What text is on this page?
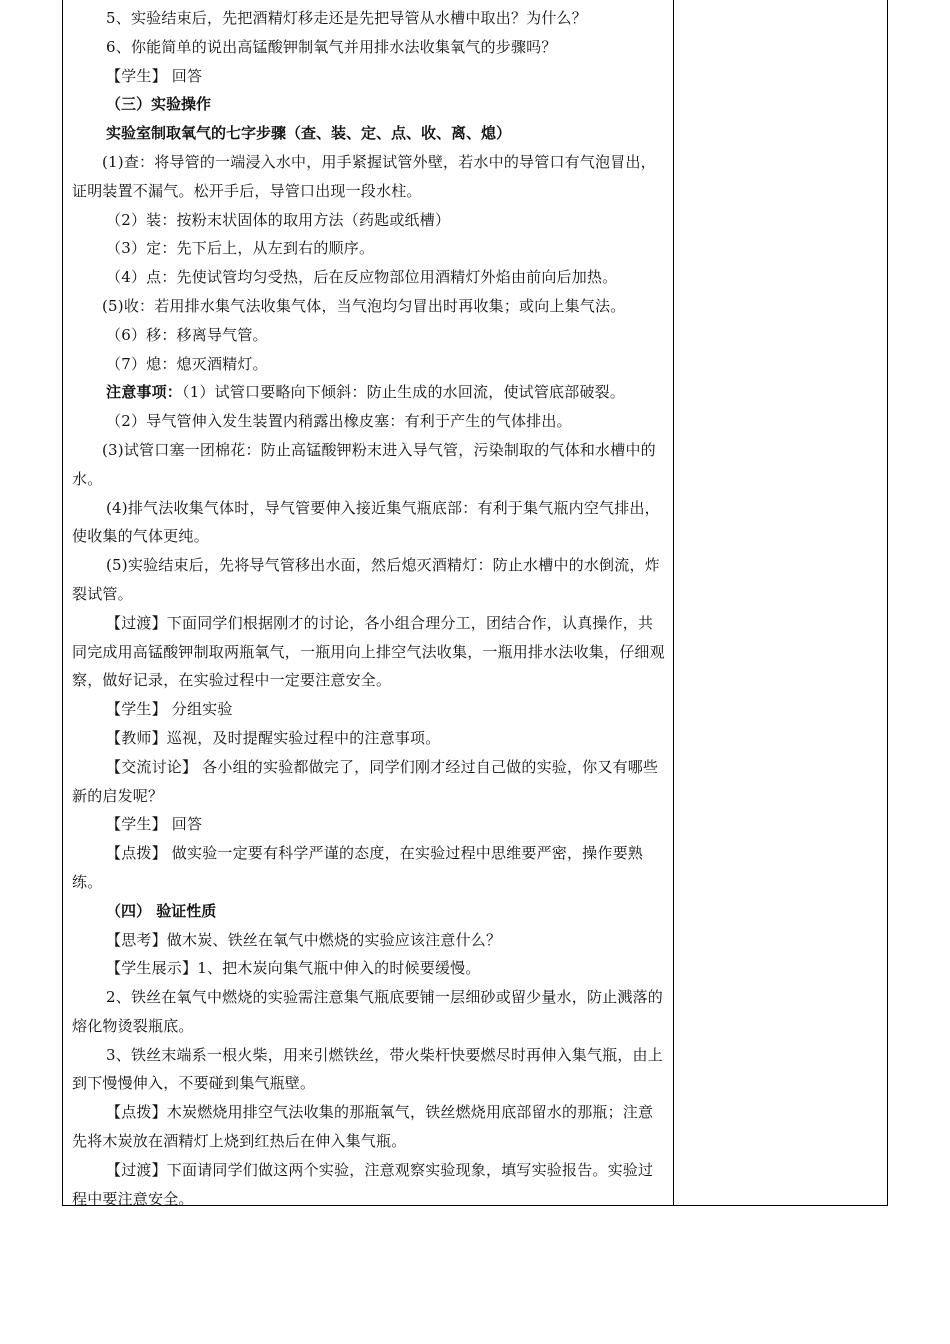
5、实验结束后，先把酒精灯移走还是先把导管从水槽中取出？为什么？

6、你能简单的说出高锰酸钾制氧气并用排水法收集氧气的步骤吗？

【学生】 回答

（三）实验操作

实验室制取氧气的七字步骤（查、装、定、点、收、离、熄）

(1)查：将导管的一端浸入水中，用手紧握试管外壁，若水中的导管口有气泡冒出，证明装置不漏气。松开手后，导管口出现一段水柱。

（2）装：按粉末状固体的取用方法（药匙或纸槽）

（3）定：先下后上，从左到右的顺序。

（4）点：先使试管均匀受热，后在反应物部位用酒精灯外焰由前向后加热。

(5)收：若用排水集气法收集气体，当气泡均匀冒出时再收集；或向上集气法。

（6）移：移离导气管。

（7）熄：熄灭酒精灯。

注意事项：（1）试管口要略向下倾斜：防止生成的水回流，使试管底部破裂。

（2）导气管伸入发生装置内稍露出橡皮塞：有利于产生的气体排出。

(3)试管口塞一团棉花：防止高锰酸钾粉末进入导气管，污染制取的气体和水槽中的水。

(4)排气法收集气体时，导气管要伸入接近集气瓶底部：有利于集气瓶内空气排出，使收集的气体更纯。

(5)实验结束后，先将导气管移出水面，然后熄灭酒精灯：防止水槽中的水倒流，炸裂试管。

【过渡】下面同学们根据刚才的讨论，各小组合理分工，团结合作，认真操作，共同完成用高锰酸钾制取两瓶氧气，一瓶用向上排空气法收集，一瓶用排水法收集，仔细观察，做好记录，在实验过程中一定要注意安全。

【学生】 分组实验

【教师】巡视，及时提醒实验过程中的注意事项。

【交流讨论】 各小组的实验都做完了，同学们刚才经过自己做的实验，你又有哪些新的启发呢？

【学生】 回答

【点拨】 做实验一定要有科学严谨的态度，在实验过程中思维要严密，操作要熟练。

（四） 验证性质

【思考】做木炭、铁丝在氧气中燃烧的实验应该注意什么？

【学生展示】1、把木炭向集气瓶中伸入的时候要缓慢。

2、铁丝在氧气中燃烧的实验需注意集气瓶底要铺一层细砂或留少量水，防止溅落的熔化物烫裂瓶底。

3、铁丝末端系一根火柴，用来引燃铁丝，带火柴杆快要燃尽时再伸入集气瓶，由上到下慢慢伸入，不要碰到集气瓶壁。

【点拨】木炭燃烧用排空气法收集的那瓶氧气，铁丝燃烧用底部留水的那瓶；注意先将木炭放在酒精灯上烧到红热后在伸入集气瓶。

【过渡】下面请同学们做这两个实验，注意观察实验现象，填写实验报告。实验过程中要注意安全。
